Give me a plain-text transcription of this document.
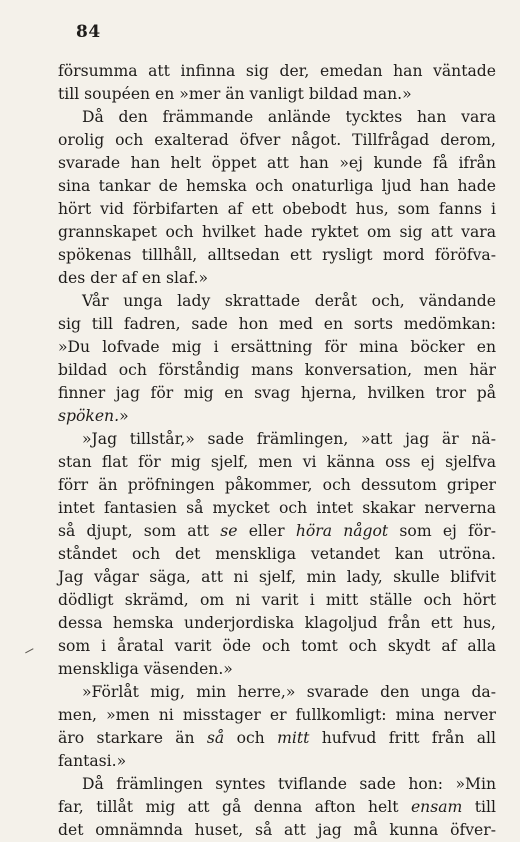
84
försumma att infinna sig der, emedan han väntade
till soupéen en »mer än vanligt bildad man.»
Då den främmande anlände tycktes han vara
orolig och exalterad öfver något. Tillfrågad derom,
svarade han helt öppet att han »ej kunde få ifrån
sina tankar de hemska och onaturliga ljud han hade
hört vid förbifarten af ett obebodt hus, som fanns i
grannskapet och hvilket hade ryktet om sig att vara
spökenas tillhåll, alltsedan ett rysligt mord föröfva-
des der af en slaf.»
Vår unga lady skrattade deråt och, vändande
sig till fadren, sade hon med en sorts medömkan:
»Du lofvade mig i ersättning för mina böcker en
bildad och förståndig mans konversation, men här
finner jag för mig en svag hjerna, hvilken tror på
spöken.»
»Jag tillstår,» sade främlingen, »att jag är nä-
stan flat för mig sjelf, men vi känna oss ej sjelfva
förr än pröfningen påkommer, och dessutom griper
intet fantasien så mycket och intet skakar nerverna
så djupt, som att se eller höra något som ej för-
ståndet och det menskliga vetandet kan utröna.
Jag vågar säga, att ni sjelf, min lady, skulle blifvit
dödligt skrämd, om ni varit i mitt ställe och hört
dessa hemska underjordiska klagoljud från ett hus,
som i åratal varit öde och tomt och skydt af alla
menskliga väsenden.»
»Förlåt mig, min herre,» svarade den unga da-
men, »men ni misstager er fullkomligt: mina nerver
äro starkare än så och mitt hufvud fritt från all
fantasi.»
Då främlingen syntes tviflande sade hon: »Min
far, tillåt mig att gå denna afton helt ensam till
det omnämnda huset, så att jag må kunna öfver-
